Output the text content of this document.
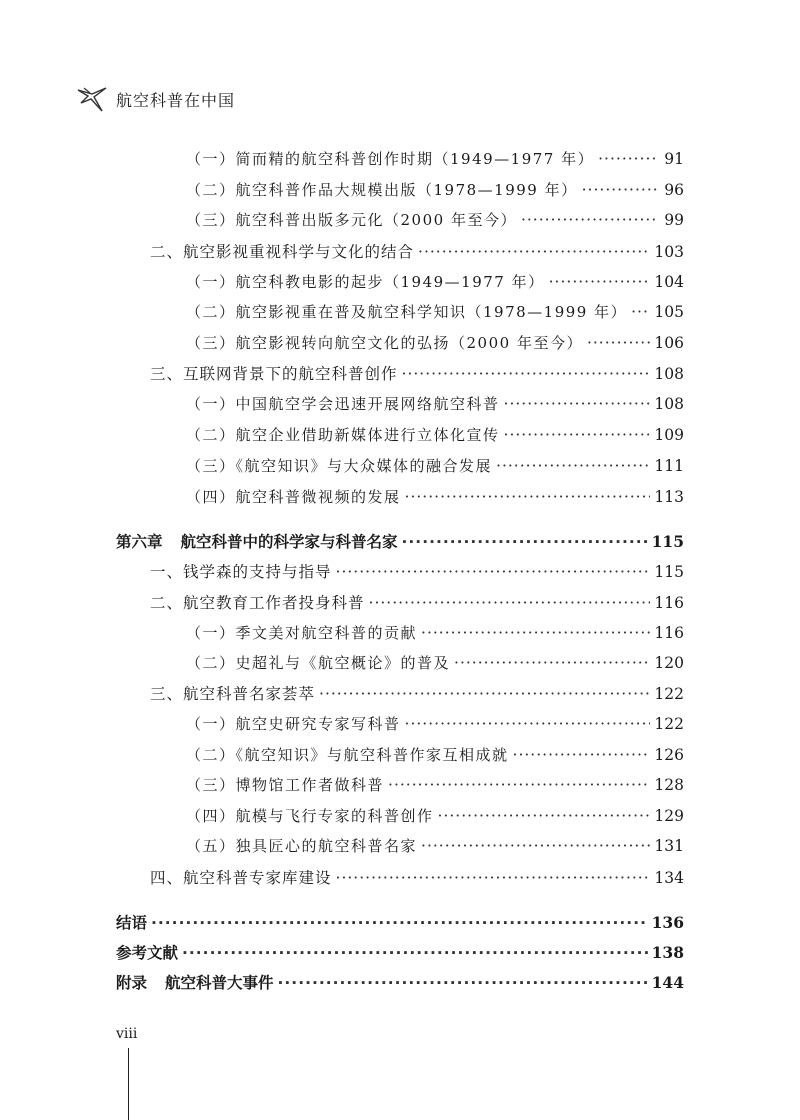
航空科普在中国
（一）简而精的航空科普创作时期（1949—1977 年） ·····	91
（二）航空科普作品大规模出版（1978—1999 年） ·····	96
（三）航空科普出版多元化（2000 年至今） ·····	99
二、航空影视重视科学与文化的结合 ·····	103
（一）航空科教电影的起步（1949—1977 年） ·····	104
（二）航空影视重在普及航空科学知识（1978—1999 年） ····· 105
（三）航空影视转向航空文化的弘扬（2000 年至今） ·····	106
三、互联网背景下的航空科普创作 ·····	108
（一）中国航空学会迅速开展网络航空科普 ·····	108
（二）航空企业借助新媒体进行立体化宣传 ·····	109
（三）《航空知识》与大众媒体的融合发展 ·····	111
（四）航空科普微视频的发展 ·····	113
第六章 航空科普中的科学家与科普名家 ·····	115
一、钱学森的支持与指导 ·····	115
二、航空教育工作者投身科普 ·····	116
（一）季文美对航空科普的贡献 ·····	116
（二）史超礼与《航空概论》的普及 ·····	120
三、航空科普名家荟萃 ·····	122
（一）航空史研究专家写科普 ·····	122
（二）《航空知识》与航空科普作家互相成就 ·····	126
（三）博物馆工作者做科普 ·····	128
（四）航模与飞行专家的科普创作 ·····	129
（五）独具匠心的航空科普名家 ·····	131
四、航空科普专家库建设 ·····	134
结语 ·····	136
参考文献 ·····	138
附录 航空科普大事件 ·····	144
viii
